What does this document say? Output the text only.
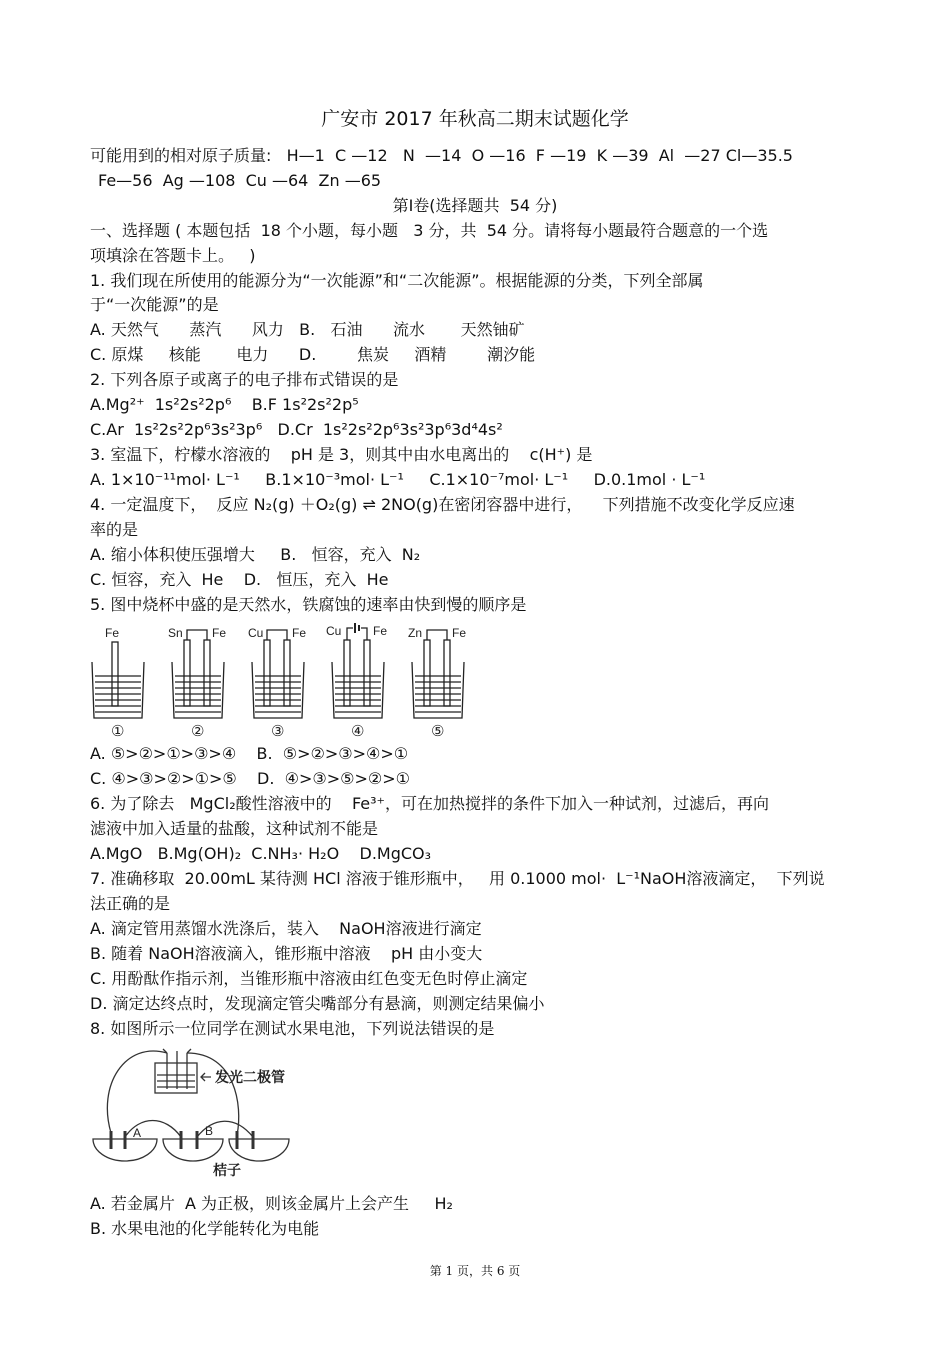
广安市 2017 年秋高二期末试题化学
可能用到的相对原子质量:   H—1  C —12   N  —14  O —16  F —19  K —39  Al  —27 Cl—35.5
Fe—56  Ag —108  Cu —64  Zn —65
第Ⅰ卷(选择题共  54 分)
一、选择题 ( 本题包括  18 个小题，每小题   3 分，共  54 分。请将每小题最符合题意的一个选
项填涂在答题卡上。   )
1. 我们现在所使用的能源分为“一次能源”和“二次能源”。根据能源的分类，下列全部属
于“一次能源”的是
A. 天然气      蒸汽      风力   B.   石油      流水       天然铀矿
C. 原煤     核能       电力      D.        焦炭     酒精        潮汐能
2. 下列各原子或离子的电子排布式错误的是
A.Mg²⁺  1s²2s²2p⁶    B.F 1s²2s²2p⁵
C.Ar  1s²2s²2p⁶3s²3p⁶   D.Cr  1s²2s²2p⁶3s²3p⁶3d⁴4s²
3. 室温下，柠檬水溶液的    pH 是 3，则其中由水电离出的    c(H⁺) 是
A. 1×10⁻¹¹mol· L⁻¹     B.1×10⁻³mol· L⁻¹     C.1×10⁻⁷mol· L⁻¹     D.0.1mol · L⁻¹
4. 一定温度下，  反应 N₂(g) ＋O₂(g) ⇌ 2NO(g)在密闭容器中进行，    下列措施不改变化学反应速
率的是
A. 缩小体积使压强增大     B.   恒容，充入  N₂
C. 恒容，充入  He    D.   恒压，充入  He
5. 图中烧杯中盛的是天然水，铁腐蚀的速率由快到慢的顺序是
Fe	Sn Fe Cu Fe Cu	Fe Zn Fe
①	②	③	④	⑤
A. ⑤>②>①>③>④    B.  ⑤>②>③>④>①
C. ④>③>②>①>⑤    D.  ④>③>⑤>②>①
6. 为了除去   MgCl₂酸性溶液中的    Fe³⁺，可在加热搅拌的条件下加入一种试剂，过滤后，再向
滤液中加入适量的盐酸，这种试剂不能是
A.MgO   B.Mg(OH)₂  C.NH₃· H₂O    D.MgCO₃
7. 准确移取  20.00mL 某待测 HCl 溶液于锥形瓶中，   用 0.1000 mol·  L⁻¹NaOH溶液滴定，  下列说
法正确的是
A. 滴定管用蒸馏水洗涤后，装入    NaOH溶液进行滴定
B. 随着 NaOH溶液滴入，锥形瓶中溶液    pH 由小变大
C. 用酚酞作指示剂，当锥形瓶中溶液由红色变无色时停止滴定
D. 滴定达终点时，发现滴定管尖嘴部分有悬滴，则测定结果偏小
8. 如图所示一位同学在测试水果电池，下列说法错误的是
发光二极管
A	B
桔子
A. 若金属片  A 为正极，则该金属片上会产生     H₂
B. 水果电池的化学能转化为电能
第 1 页，共 6 页
